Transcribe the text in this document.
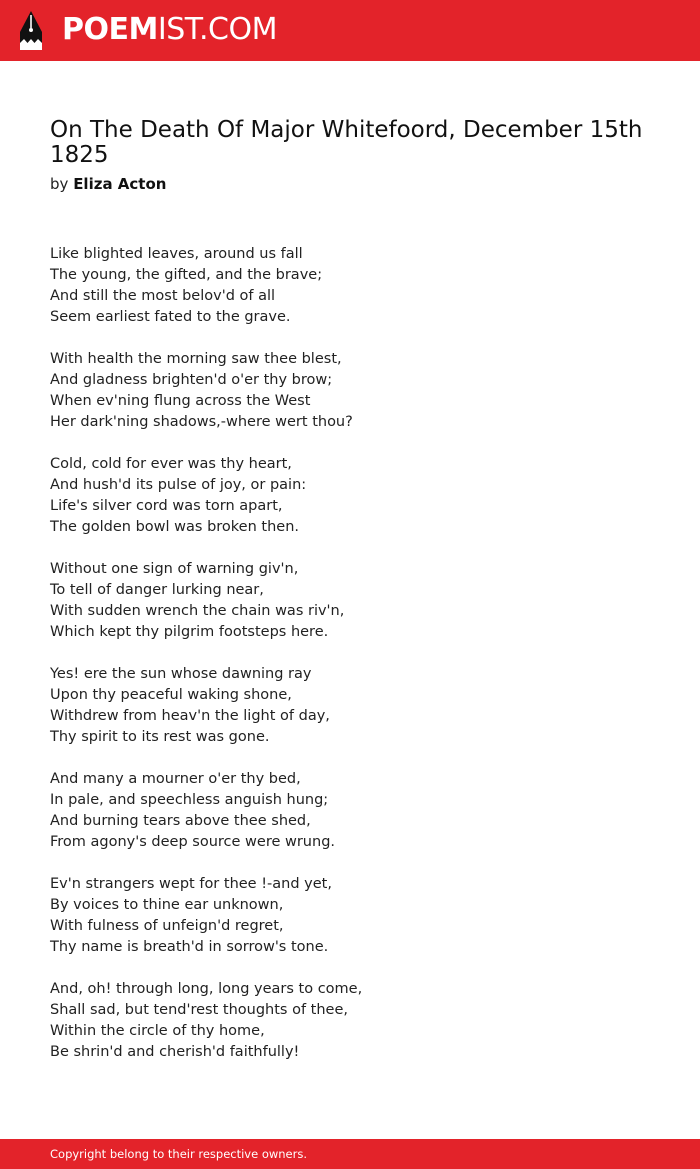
POEMIST.COM
On The Death Of Major Whitefoord, December 15th 1825
by Eliza Acton
Like blighted leaves, around us fall
The young, the gifted, and the brave;
And still the most belov'd of all
Seem earliest fated to the grave.
With health the morning saw thee blest,
And gladness brighten'd o'er thy brow;
When ev'ning flung across the West
Her dark'ning shadows,-where wert thou?
Cold, cold for ever was thy heart,
And hush'd its pulse of joy, or pain:
Life's silver cord was torn apart,
The golden bowl was broken then.
Without one sign of warning giv'n,
To tell of danger lurking near,
With sudden wrench the chain was riv'n,
Which kept thy pilgrim footsteps here.
Yes! ere the sun whose dawning ray
Upon thy peaceful waking shone,
Withdrew from heav'n the light of day,
Thy spirit to its rest was gone.
And many a mourner o'er thy bed,
In pale, and speechless anguish hung;
And burning tears above thee shed,
From agony's deep source were wrung.
Ev'n strangers wept for thee !-and yet,
By voices to thine ear unknown,
With fulness of unfeign'd regret,
Thy name is breath'd in sorrow's tone.
And, oh! through long, long years to come,
Shall sad, but tend'rest thoughts of thee,
Within the circle of thy home,
Be shrin'd and cherish'd faithfully!
Copyright belong to their respective owners.
